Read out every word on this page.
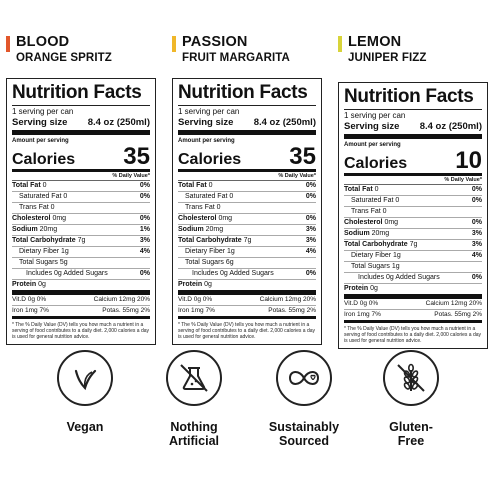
BLOOD
ORANGE SPRITZ
Nutrition Facts
1 serving per can
Serving size 8.4 oz (250ml)
Amount per serving
Calories 35
% Daily Value*
Total Fat 0	0%
Saturated Fat 0	0%
Trans Fat 0
Cholesterol 0mg	0%
Sodium 20mg	1%
Total Carbohydrate 7g	3%
Dietary Fiber 1g	4%
Total Sugars 5g
Includes 0g Added Sugars	0%
Protein 0g
Vit.D 0g 0%	Calcium 12mg 20%
Iron 1mg 7%	Potas. 55mg 2%
* The % Daily Value (DV) tells you how much a nutrient in a serving of food contributes to a daily diet. 2,000 calories a day is used for general nutrition advice.
PASSION
FRUIT MARGARITA
Nutrition Facts
1 serving per can
Serving size 8.4 oz (250ml)
Amount per serving
Calories 35
% Daily Value*
Total Fat 0	0%
Saturated Fat 0	0%
Trans Fat 0
Cholesterol 0mg	0%
Sodium 20mg	3%
Total Carbohydrate 7g	3%
Dietary Fiber 1g	4%
Total Sugars 6g
Includes 0g Added Sugars	0%
Protein 0g
Vit.D 0g 0%	Calcium 12mg 20%
Iron 1mg 7%	Potas. 55mg 2%
* The % Daily Value (DV) tells you how much a nutrient in a serving of food contributes to a daily diet. 2,000 calories a day is used for general nutrition advice.
LEMON
JUNIPER FIZZ
Nutrition Facts
1 serving per can
Serving size 8.4 oz (250ml)
Amount per serving
Calories 10
% Daily Value*
Total Fat 0	0%
Saturated Fat 0	0%
Trans Fat 0
Cholesterol 0mg	0%
Sodium 20mg	3%
Total Carbohydrate 7g	3%
Dietary Fiber 1g	4%
Total Sugars 1g
Includes 0g Added Sugars	0%
Protein 0g
Vit.D 0g 0%	Calcium 12mg 20%
Iron 1mg 7%	Potas. 55mg 2%
* The % Daily Value (DV) tells you how much a nutrient in a serving of food contributes to a daily diet. 2,000 calories a day is used for general nutrition advice.
Vegan	Nothing
Artificial
Sustainably
Sourced
Gluten-
Free
